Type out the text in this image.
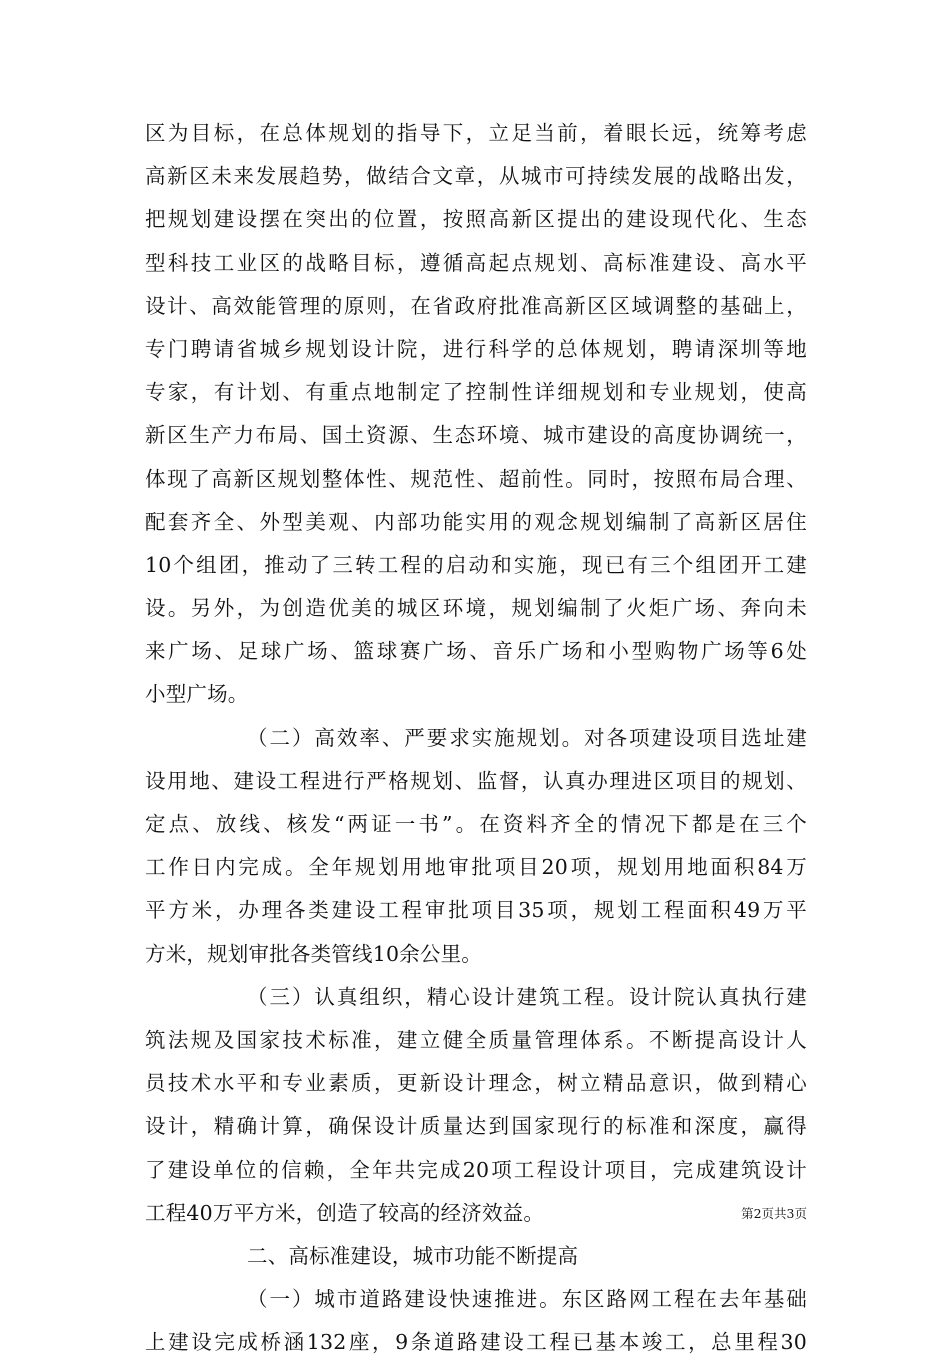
区为目标，在总体规划的指导下，立足当前，着眼长远，统筹考虑
高新区未来发展趋势，做结合文章，从城市可持续发展的战略出发，
把规划建设摆在突出的位置，按照高新区提出的建设现代化、生态
型科技工业区的战略目标，遵循高起点规划、高标准建设、高水平
设计、高效能管理的原则，在省政府批准高新区区域调整的基础上，
专门聘请省城乡规划设计院，进行科学的总体规划，聘请深圳等地
专家，有计划、有重点地制定了控制性详细规划和专业规划，使高
新区生产力布局、国土资源、生态环境、城市建设的高度协调统一，
体现了高新区规划整体性、规范性、超前性。同时，按照布局合理、
配套齐全、外型美观、内部功能实用的观念规划编制了高新区居住
10个组团，推动了三转工程的启动和实施，现已有三个组团开工建
设。另外，为创造优美的城区环境，规划编制了火炬广场、奔向未
来广场、足球广场、篮球赛广场、音乐广场和小型购物广场等6处
小型广场。
（二）高效率、严要求实施规划。对各项建设项目选址建
设用地、建设工程进行严格规划、监督，认真办理进区项目的规划、
定点、放线、核发“两证一书”。在资料齐全的情况下都是在三个
工作日内完成。全年规划用地审批项目20项，规划用地面积84万
平方米，办理各类建设工程审批项目35项，规划工程面积49万平
方米，规划审批各类管线10余公里。
（三）认真组织，精心设计建筑工程。设计院认真执行建
筑法规及国家技术标准，建立健全质量管理体系。不断提高设计人
员技术水平和专业素质，更新设计理念，树立精品意识，做到精心
设计，精确计算，确保设计质量达到国家现行的标准和深度，赢得
了建设单位的信赖，全年共完成20项工程设计项目，完成建筑设计
工程40万平方米，创造了较高的经济效益。
二、高标准建设，城市功能不断提高
（一）城市道路建设快速推进。东区路网工程在去年基础
上建设完成桥涵132座，9条道路建设工程已基本竣工，总里程30
第2页共3页
